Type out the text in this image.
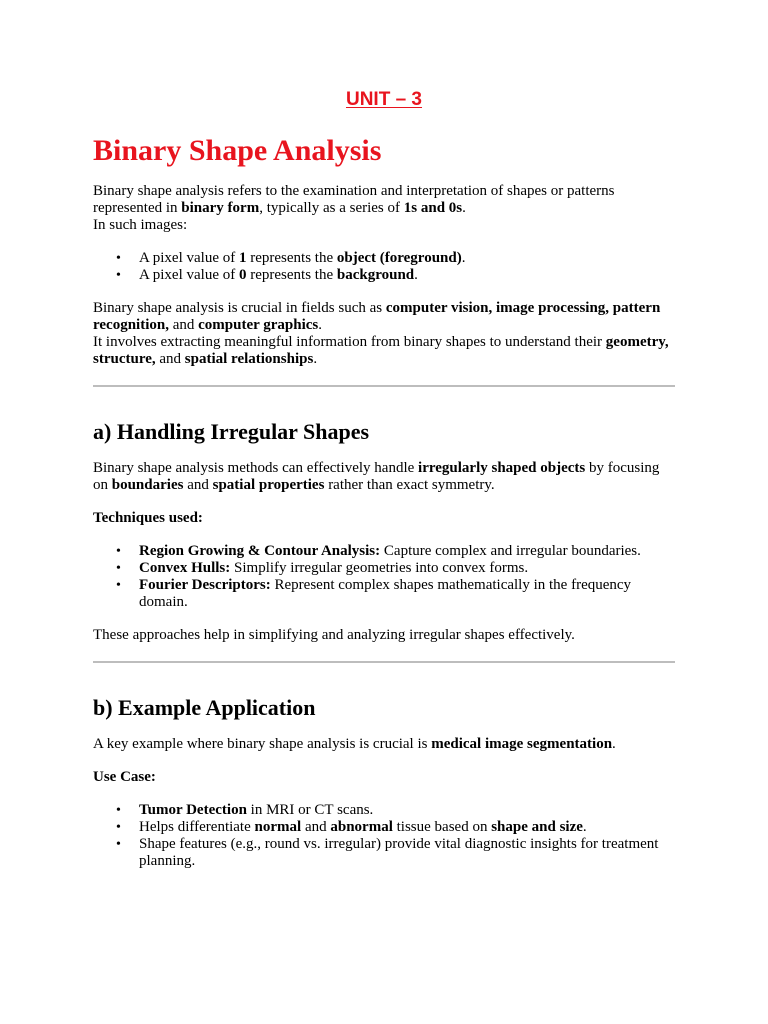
UNIT – 3
Binary Shape Analysis

Binary shape analysis refers to the examination and interpretation of shapes or patterns represented in binary form, typically as a series of 1s and 0s.
In such images:

• A pixel value of 1 represents the object (foreground).
• A pixel value of 0 represents the background.

Binary shape analysis is crucial in fields such as computer vision, image processing, pattern recognition, and computer graphics.
It involves extracting meaningful information from binary shapes to understand their geometry, structure, and spatial relationships.

a) Handling Irregular Shapes

Binary shape analysis methods can effectively handle irregularly shaped objects by focusing on boundaries and spatial properties rather than exact symmetry.

Techniques used:

• Region Growing & Contour Analysis: Capture complex and irregular boundaries.
• Convex Hulls: Simplify irregular geometries into convex forms.
• Fourier Descriptors: Represent complex shapes mathematically in the frequency domain.

These approaches help in simplifying and analyzing irregular shapes effectively.

b) Example Application

A key example where binary shape analysis is crucial is medical image segmentation.

Use Case:

• Tumor Detection in MRI or CT scans.
• Helps differentiate normal and abnormal tissue based on shape and size.
• Shape features (e.g., round vs. irregular) provide vital diagnostic insights for treatment planning.
